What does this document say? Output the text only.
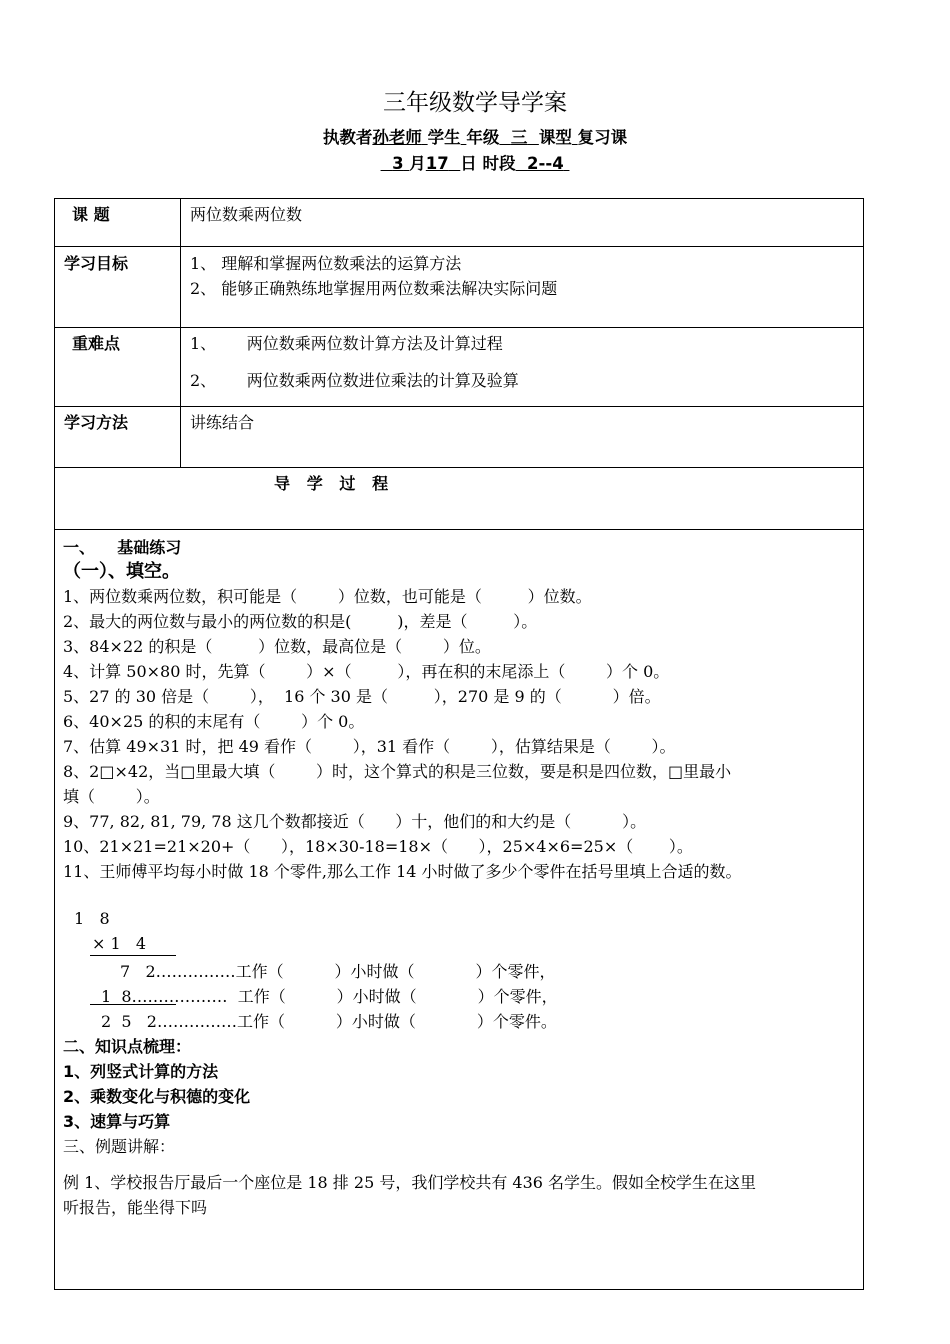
三年级数学导学案
执教者孙老师 学生 年级 三 课型 复习课
3 月17 日 时段 2--4
课 题	两位数乘两位数
学习目标	1、 理解和掌握两位数乘法的运算方法
2、 能够正确熟练地掌握用两位数乘法解决实际问题
重难点	1、      两位数乘两位数计算方法及计算过程
2、      两位数乘两位数进位乘法的计算及验算
学习方法	讲练结合
导   学   过   程
一、    基础练习
（一）、填空。
1、两位数乘两位数，积可能是（        ）位数，也可能是（         ）位数。
2、最大的两位数与最小的两位数的积是(         )，差是（         ）。
3、84×22 的积是（         ）位数，最高位是（        ）位。
4、计算 50×80 时，先算（        ）×（         ），再在积的末尾添上（        ）个 0。
5、27 的 30 倍是（        ），  16 个 30 是（         ），270 是 9 的（          ）倍。
6、40×25 的积的末尾有（        ）个 0。
7、估算 49×31 时，把 49 看作（        ），31 看作（        ），估算结果是（        ）。
8、2□×42，当□里最大填（        ）时，这个算式的积是三位数，要是积是四位数，□里最小
填（        ）。
9、77, 82, 81, 79, 78 这几个数都接近（      ）十，他们的和大约是（          ）。
10、21×21=21×20+（      ），18×30-18=18×（      ），25×4×6=25×（       ）。
11、王师傅平均每小时做 18 个零件,那么工作 14 小时做了多少个零件在括号里填上合适的数。
1   8
× 1   4
7   2……………工作（          ）小时做（            ）个零件，
1  8………………  工作（          ）小时做（            ）个零件，
2  5   2……………工作（          ）小时做（            ）个零件。
二、知识点梳理：
1、列竖式计算的方法
2、乘数变化与积德的变化
3、速算与巧算
三、例题讲解：
例 1、学校报告厅最后一个座位是 18 排 25 号，我们学校共有 436 名学生。假如全校学生在这里
听报告，能坐得下吗
